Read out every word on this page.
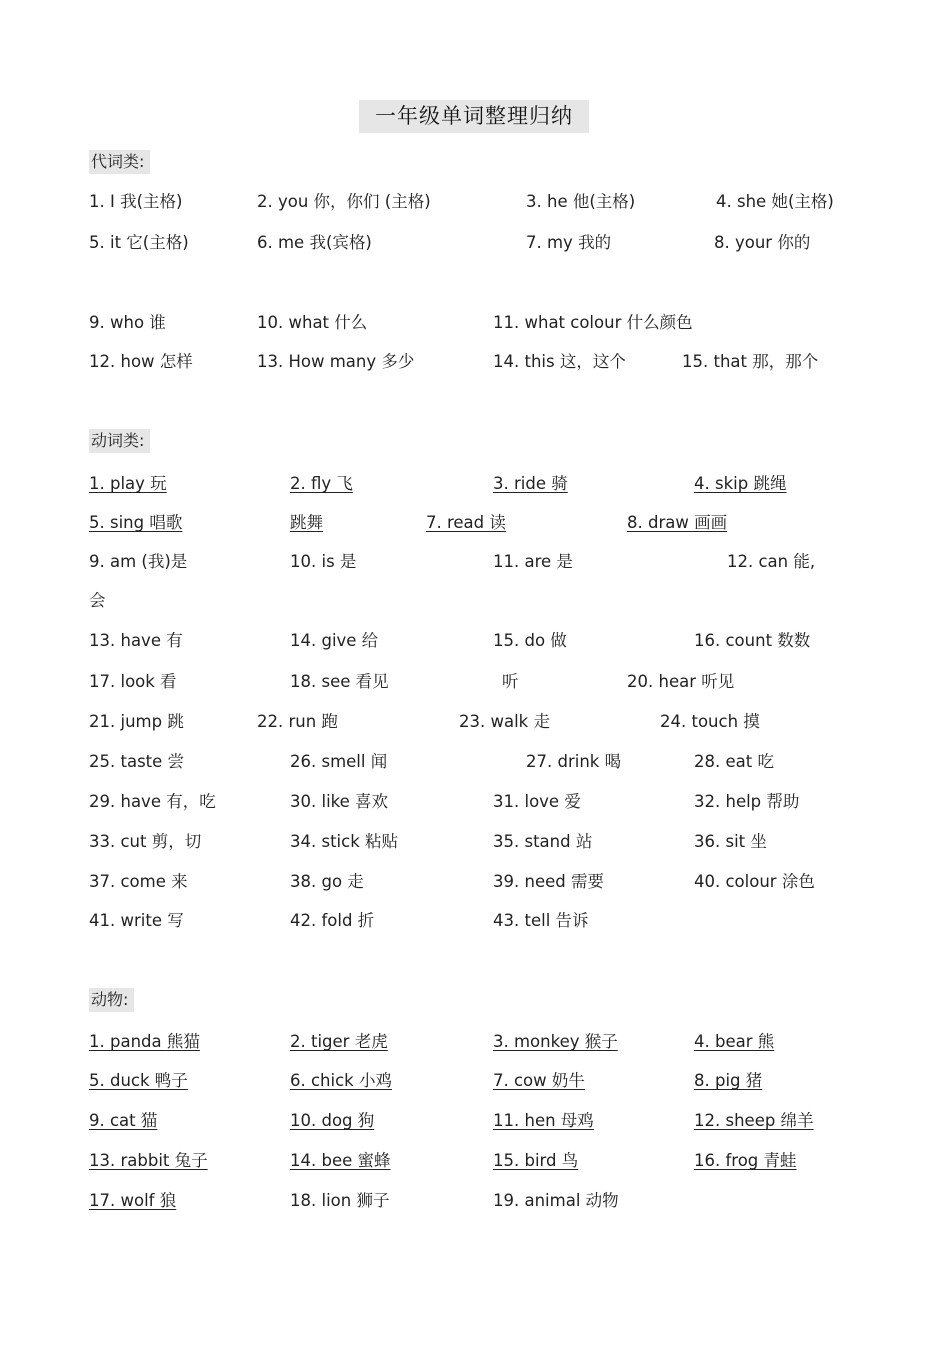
一年级单词整理归纳
代词类:
1. I 我(主格)	2. you 你，你们 (主格)	3. he 他(主格)	4. she 她(主格)
5. it 它(主格)	6. me 我(宾格)	7. my 我的	8. your 你的
9. who 谁	10. what 什么	11. what colour 什么颜色
12. how 怎样	13. How many 多少	14. this 这，这个	15. that 那，那个
动词类:
1. play 玩	2. fly 飞	3. ride 骑	4. skip 跳绳
5. sing 唱歌	跳舞	7. read 读	8. draw 画画
9. am (我)是	10. is 是	11. are 是	12. can 能,
会
13. have 有	14. give 给	15. do 做	16. count 数数
17. look 看	18. see 看见	听	20. hear 听见
21. jump 跳	22. run 跑	23. walk 走	24. touch 摸
25. taste 尝	26. smell 闻	27. drink 喝	28. eat 吃
29. have 有，吃	30. like 喜欢	31. love 爱	32. help 帮助
33. cut 剪，切	34. stick 粘贴	35. stand 站	36. sit 坐
37. come 来	38. go 走	39. need 需要	40. colour 涂色
41. write 写	42. fold 折	43. tell 告诉
动物:
1. panda 熊猫	2. tiger 老虎	3. monkey 猴子	4. bear 熊
5. duck 鸭子	6. chick 小鸡	7. cow 奶牛	8. pig 猪
9. cat 猫	10. dog 狗	11. hen 母鸡	12. sheep 绵羊
13. rabbit 兔子	14. bee 蜜蜂	15. bird 鸟	16. frog 青蛙
17. wolf 狼	18. lion 狮子	19. animal 动物
